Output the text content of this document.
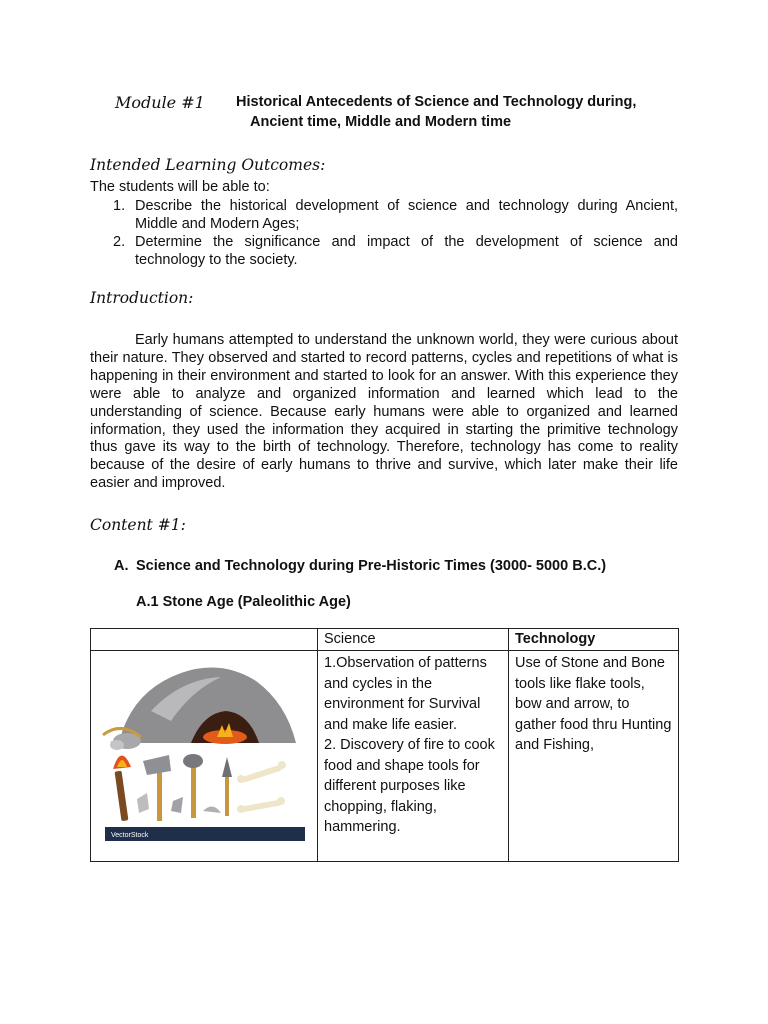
Module #1 Historical Antecedents of Science and Technology during,
Ancient time, Middle and Modern time
Intended Learning Outcomes:
The students will be able to:
1. Describe the historical development of science and technology during Ancient, Middle and Modern Ages;
2. Determine the significance and impact of the development of science and technology to the society.
Introduction:
Early humans attempted to understand the unknown world, they were curious about their nature. They observed and started to record patterns, cycles and repetitions of what is happening in their environment and started to look for an answer. With this experience they were able to analyze and organized information and learned which lead to the understanding of science. Because early humans were able to organized and learned information, they used the information they acquired in starting the primitive technology thus gave its way to the birth of technology. Therefore, technology has come to reality because of the desire of early humans to thrive and survive, which later make their life easier and improved.
Content #1:
A. Science and Technology during Pre-Historic Times (3000- 5000 B.C.)
A.1 Stone Age (Paleolithic Age)

	Science	Technology

VectorStock	1.Observation of patterns and cycles in the environment for Survival and make life easier.
2. Discovery of fire to cook food and shape tools for different purposes like chopping, flaking, hammering.	Use of Stone and Bone tools like flake tools, bow and arrow, to gather food thru Hunting and Fishing,
